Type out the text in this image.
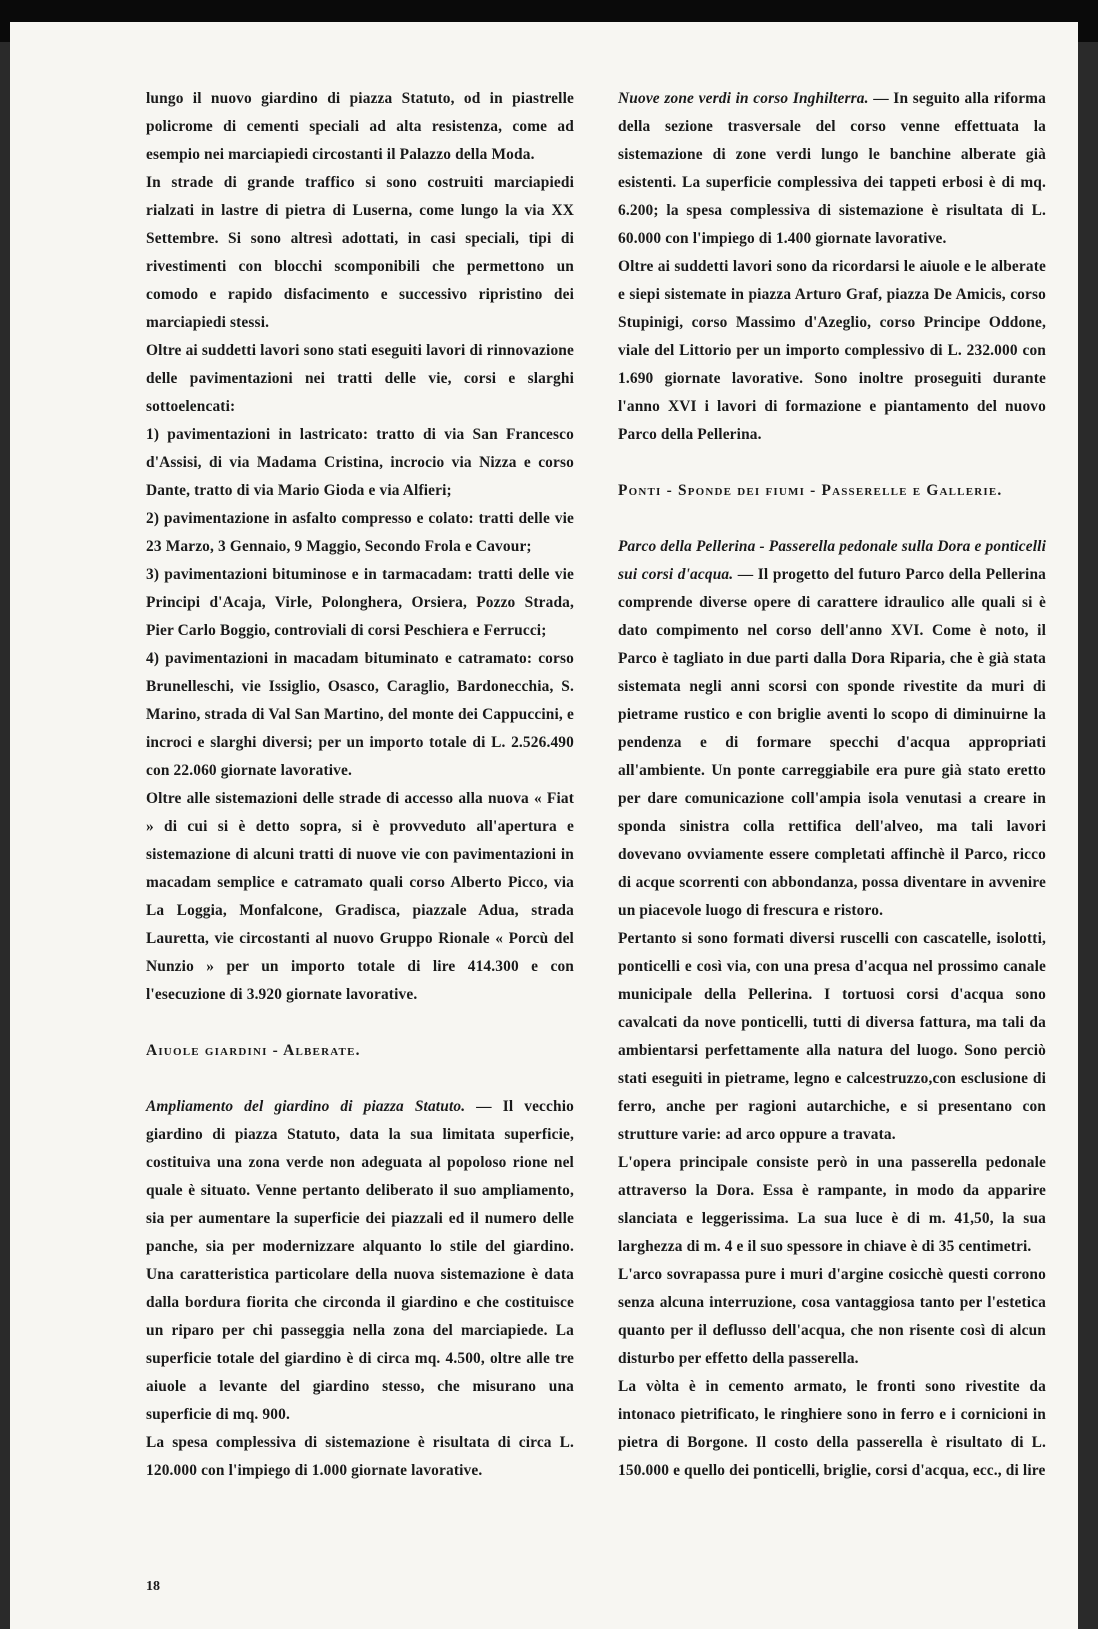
lungo il nuovo giardino di piazza Statuto, od in piastrelle policrome di cementi speciali ad alta resistenza, come ad esempio nei marciapiedi circostanti il Palazzo della Moda.

In strade di grande traffico si sono costruiti marciapiedi rialzati in lastre di pietra di Luserna, come lungo la via XX Settembre. Si sono altresì adottati, in casi speciali, tipi di rivestimenti con blocchi scomponibili che permettono un comodo e rapido disfacimento e successivo ripristino dei marciapiedi stessi.

Oltre ai suddetti lavori sono stati eseguiti lavori di rinnovazione delle pavimentazioni nei tratti delle vie, corsi e slarghi sottoelencati:

1) pavimentazioni in lastricato: tratto di via San Francesco d'Assisi, di via Madama Cristina, incrocio via Nizza e corso Dante, tratto di via Mario Gioda e via Alfieri;

2) pavimentazione in asfalto compresso e colato: tratti delle vie 23 Marzo, 3 Gennaio, 9 Maggio, Secondo Frola e Cavour;

3) pavimentazioni bituminose e in tarmacadam: tratti delle vie Principi d'Acaja, Virle, Polonghera, Orsiera, Pozzo Strada, Pier Carlo Boggio, controviali di corsi Peschiera e Ferrucci;

4) pavimentazioni in macadam bituminato e catramato: corso Brunelleschi, vie Issiglio, Osasco, Caraglio, Bardonecchia, S. Marino, strada di Val San Martino, del monte dei Cappuccini, e incroci e slarghi diversi; per un importo totale di L. 2.526.490 con 22.060 giornate lavorative.

Oltre alle sistemazioni delle strade di accesso alla nuova « Fiat » di cui si è detto sopra, si è provveduto all'apertura e sistemazione di alcuni tratti di nuove vie con pavimentazioni in macadam semplice e catramato quali corso Alberto Picco, via La Loggia, Monfalcone, Gradisca, piazzale Adua, strada Lauretta, vie circostanti al nuovo Gruppo Rionale « Porcù del Nunzio » per un importo totale di lire 414.300 e con l'esecuzione di 3.920 giornate lavorative.

Aiuole giardini - Alberate.

Ampliamento del giardino di piazza Statuto. — Il vecchio giardino di piazza Statuto, data la sua limitata superficie, costituiva una zona verde non adeguata al popoloso rione nel quale è situato. Venne pertanto deliberato il suo ampliamento, sia per aumentare la superficie dei piazzali ed il numero delle panche, sia per modernizzare alquanto lo stile del giardino. Una caratteristica particolare della nuova sistemazione è data dalla bordura fiorita che circonda il giardino e che costituisce un riparo per chi passeggia nella zona del marciapiede. La superficie totale del giardino è di circa mq. 4.500, oltre alle tre aiuole a levante del giardino stesso, che misurano una superficie di mq. 900.

La spesa complessiva di sistemazione è risultata di circa L. 120.000 con l'impiego di 1.000 giornate lavorative.

Nuove zone verdi in corso Inghilterra. — In seguito alla riforma della sezione trasversale del corso venne effettuata la sistemazione di zone verdi lungo le banchine alberate già esistenti. La superficie complessiva dei tappeti erbosi è di mq. 6.200; la spesa complessiva di sistemazione è risultata di L. 60.000 con l'impiego di 1.400 giornate lavorative.

Oltre ai suddetti lavori sono da ricordarsi le aiuole e le alberate e siepi sistemate in piazza Arturo Graf, piazza De Amicis, corso Stupinigi, corso Massimo d'Azeglio, corso Principe Oddone, viale del Littorio per un importo complessivo di L. 232.000 con 1.690 giornate lavorative. Sono inoltre proseguiti durante l'anno XVI i lavori di formazione e piantamento del nuovo Parco della Pellerina.

Ponti - Sponde dei fiumi - Passerelle e Gallerie.

Parco della Pellerina - Passerella pedonale sulla Dora e ponticelli sui corsi d'acqua. — Il progetto del futuro Parco della Pellerina comprende diverse opere di carattere idraulico alle quali si è dato compimento nel corso dell'anno XVI. Come è noto, il Parco è tagliato in due parti dalla Dora Riparia, che è già stata sistemata negli anni scorsi con sponde rivestite da muri di pietrame rustico e con briglie aventi lo scopo di diminuirne la pendenza e di formare specchi d'acqua appropriati all'ambiente. Un ponte carreggiabile era pure già stato eretto per dare comunicazione coll'ampia isola venutasi a creare in sponda sinistra colla rettifica dell'alveo, ma tali lavori dovevano ovviamente essere completati affinchè il Parco, ricco di acque scorrenti con abbondanza, possa diventare in avvenire un piacevole luogo di frescura e ristoro.

Pertanto si sono formati diversi ruscelli con cascatelle, isolotti, ponticelli e così via, con una presa d'acqua nel prossimo canale municipale della Pellerina. I tortuosi corsi d'acqua sono cavalcati da nove ponticelli, tutti di diversa fattura, ma tali da ambientarsi perfettamente alla natura del luogo. Sono perciò stati eseguiti in pietrame, legno e calcestruzzo,con esclusione di ferro, anche per ragioni autarchiche, e si presentano con strutture varie: ad arco oppure a travata.

L'opera principale consiste però in una passerella pedonale attraverso la Dora. Essa è rampante, in modo da apparire slanciata e leggerissima. La sua luce è di m. 41,50, la sua larghezza di m. 4 e il suo spessore in chiave è di 35 centimetri.

L'arco sovrapassa pure i muri d'argine cosicchè questi corrono senza alcuna interruzione, cosa vantaggiosa tanto per l'estetica quanto per il deflusso dell'acqua, che non risente così di alcun disturbo per effetto della passerella.

La vòlta è in cemento armato, le fronti sono rivestite da intonaco pietrificato, le ringhiere sono in ferro e i cornicioni in pietra di Borgone. Il costo della passerella è risultato di L. 150.000 e quello dei ponticelli, briglie, corsi d'acqua, ecc., di lire

18
